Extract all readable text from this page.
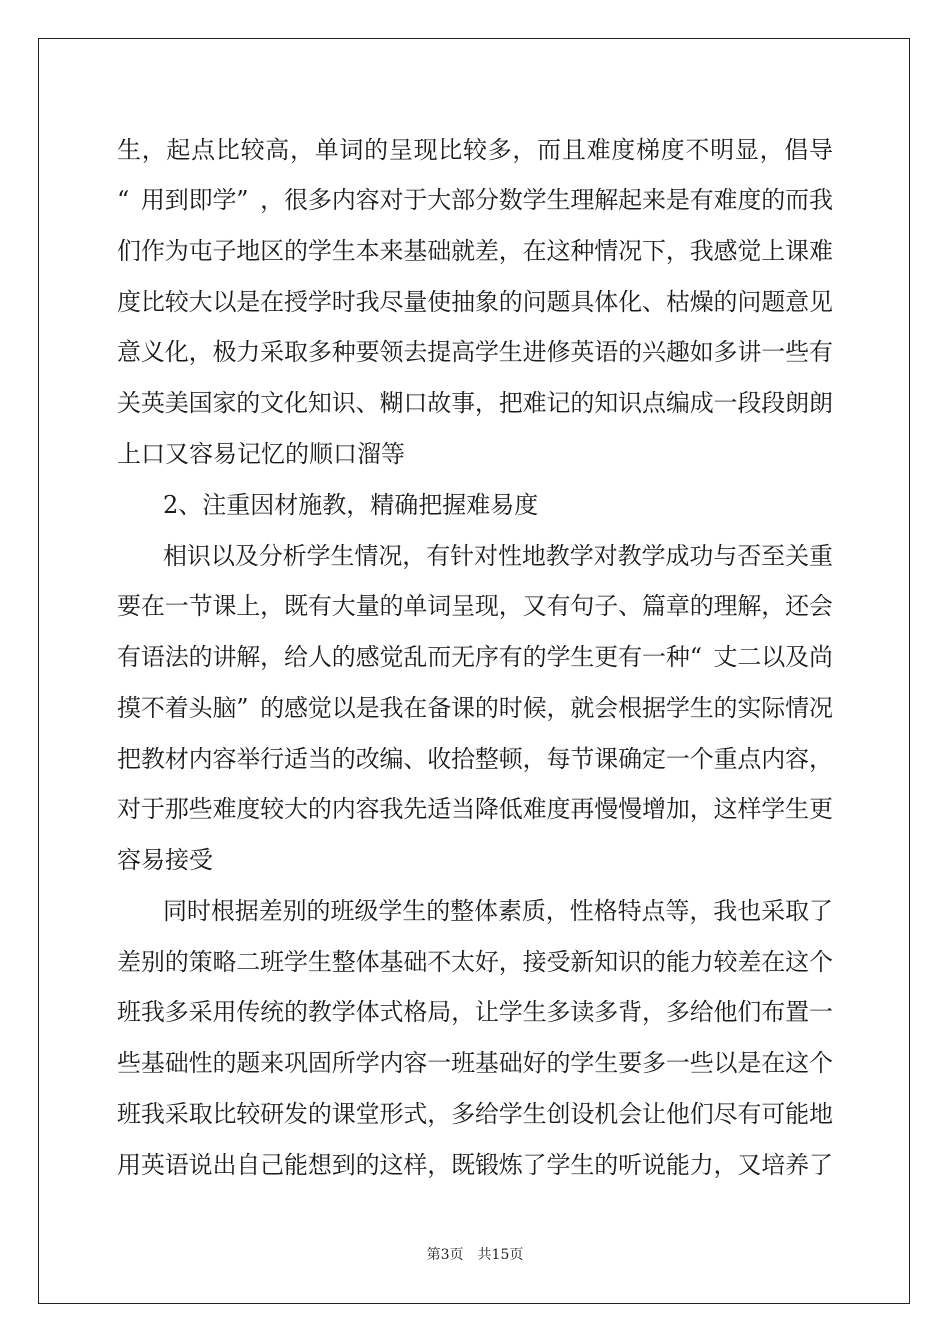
生 ， 起 点 比 较 高 ， 单 词 的 呈 现 比 较 多 ， 而 且 难 度 梯 度 不 明 显 ， 倡 导
“ 用 到 即 学 ” ， 很 多 内 容 对 于 大 部 分 数 学 生 理 解 起 来 是 有 难 度 的 而 我
们 作 为 屯 子 地 区 的 学 生 本 来 基 础 就 差 ， 在 这 种 情 况 下 ， 我 感 觉 上 课 难
度 比 较 大 以 是 在 授 学 时 我 尽 量 使 抽 象 的 问 题 具 体 化 、 枯 燥 的 问 题 意 见
意 义 化 ， 极 力 采 取 多 种 要 领 去 提 高 学 生 进 修 英 语 的 兴 趣 如 多 讲 一 些 有
关 英 美 国 家 的 文 化 知 识 、 糊 口 故 事 ， 把 难 记 的 知 识 点 编 成 一 段 段 朗 朗
上口又容易记忆的顺口溜等
2、注重因材施教，精确把握难易度
相 识 以 及 分 析 学 生 情 况 ， 有 针 对 性 地 教 学 对 教 学 成 功 与 否 至 关 重
要 在 一 节 课 上 ， 既 有 大 量 的 单 词 呈 现 ， 又 有 句 子 、 篇 章 的 理 解 ， 还 会
有 语 法 的 讲 解 ， 给 人 的 感 觉 乱 而 无 序 有 的 学 生 更 有 一 种 “ 丈 二 以 及 尚
摸 不 着 头 脑 ” 的 感 觉 以 是 我 在 备 课 的 时 候 ， 就 会 根 据 学 生 的 实 际 情 况
把 教 材 内 容 举 行 适 当 的 改 编 、 收 拾 整 顿 ， 每 节 课 确 定 一 个 重 点 内 容 ，
对 于 那 些 难 度 较 大 的 内 容 我 先 适 当 降 低 难 度 再 慢 慢 增 加 ， 这 样 学 生 更
容易接受
同 时 根 据 差 别 的 班 级 学 生 的 整 体 素 质 ， 性 格 特 点 等 ， 我 也 采 取 了
差 别 的 策 略 二 班 学 生 整 体 基 础 不 太 好 ， 接 受 新 知 识 的 能 力 较 差 在 这 个
班 我 多 采 用 传 统 的 教 学 体 式 格 局 ， 让 学 生 多 读 多 背 ， 多 给 他 们 布 置 一
些 基 础 性 的 题 来 巩 固 所 学 内 容 一 班 基 础 好 的 学 生 要 多 一 些 以 是 在 这 个
班 我 采 取 比 较 研 发 的 课 堂 形 式 ， 多 给 学 生 创 设 机 会 让 他 们 尽 有 可 能 地
用 英 语 说 出 自 己 能 想 到 的 这 样 ， 既 锻 炼 了 学 生 的 听 说 能 力 ， 又 培 养 了
第3页 共15页
